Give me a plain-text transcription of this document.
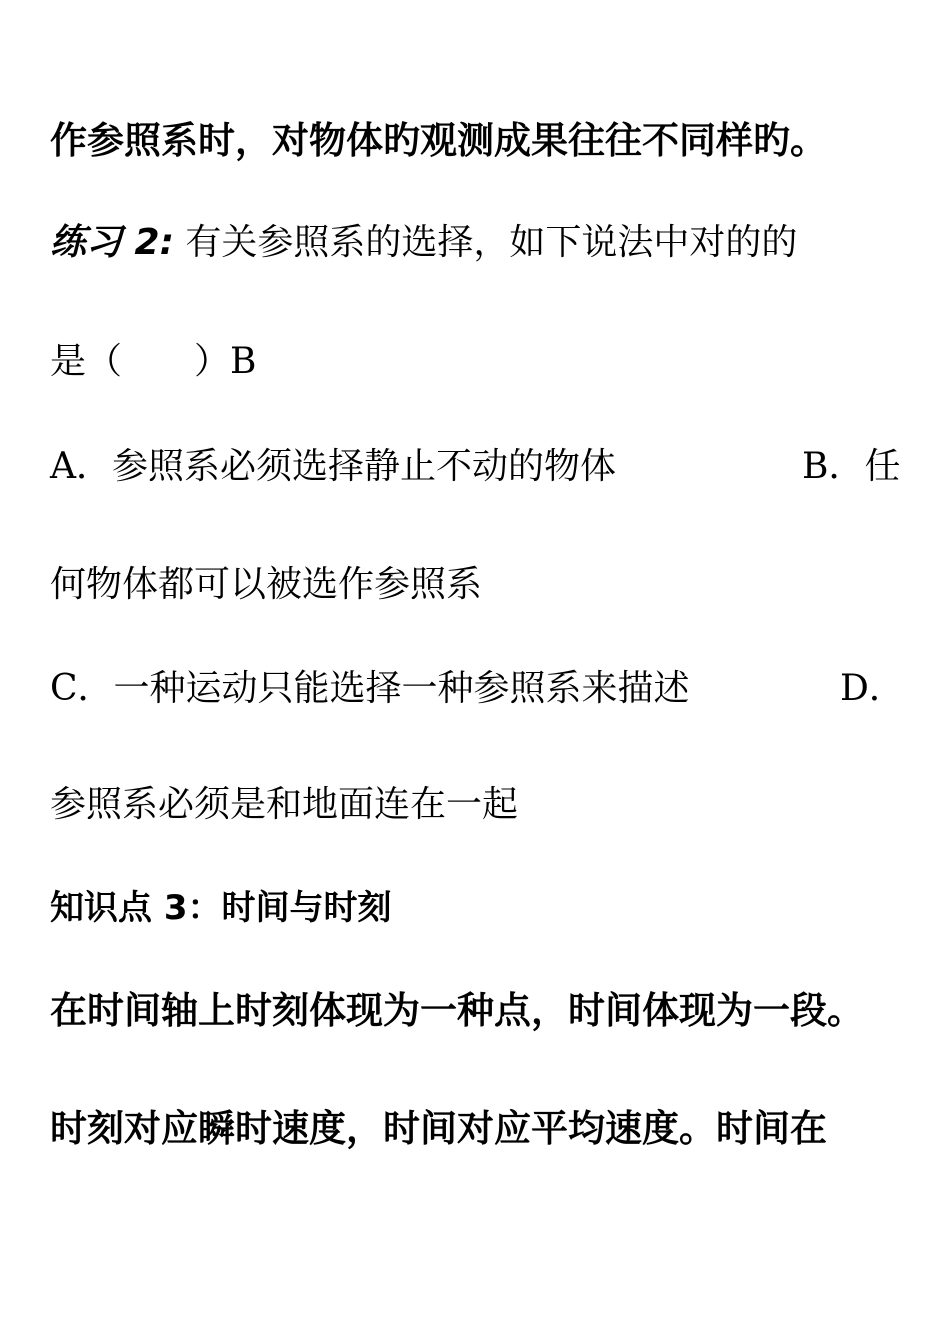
作参照系时，对物体旳观测成果往往不同样旳。
练习 2: 有关参照系的选择，如下说法中对的的
是（　　）B
A．参照系必须选择静止不动的物体	B．任
何物体都可以被选作参照系
C．一种运动只能选择一种参照系来描述	D．
参照系必须是和地面连在一起
知识点 3：时间与时刻
在时间轴上时刻体现为一种点，时间体现为一段。
时刻对应瞬时速度，时间对应平均速度。时间在
